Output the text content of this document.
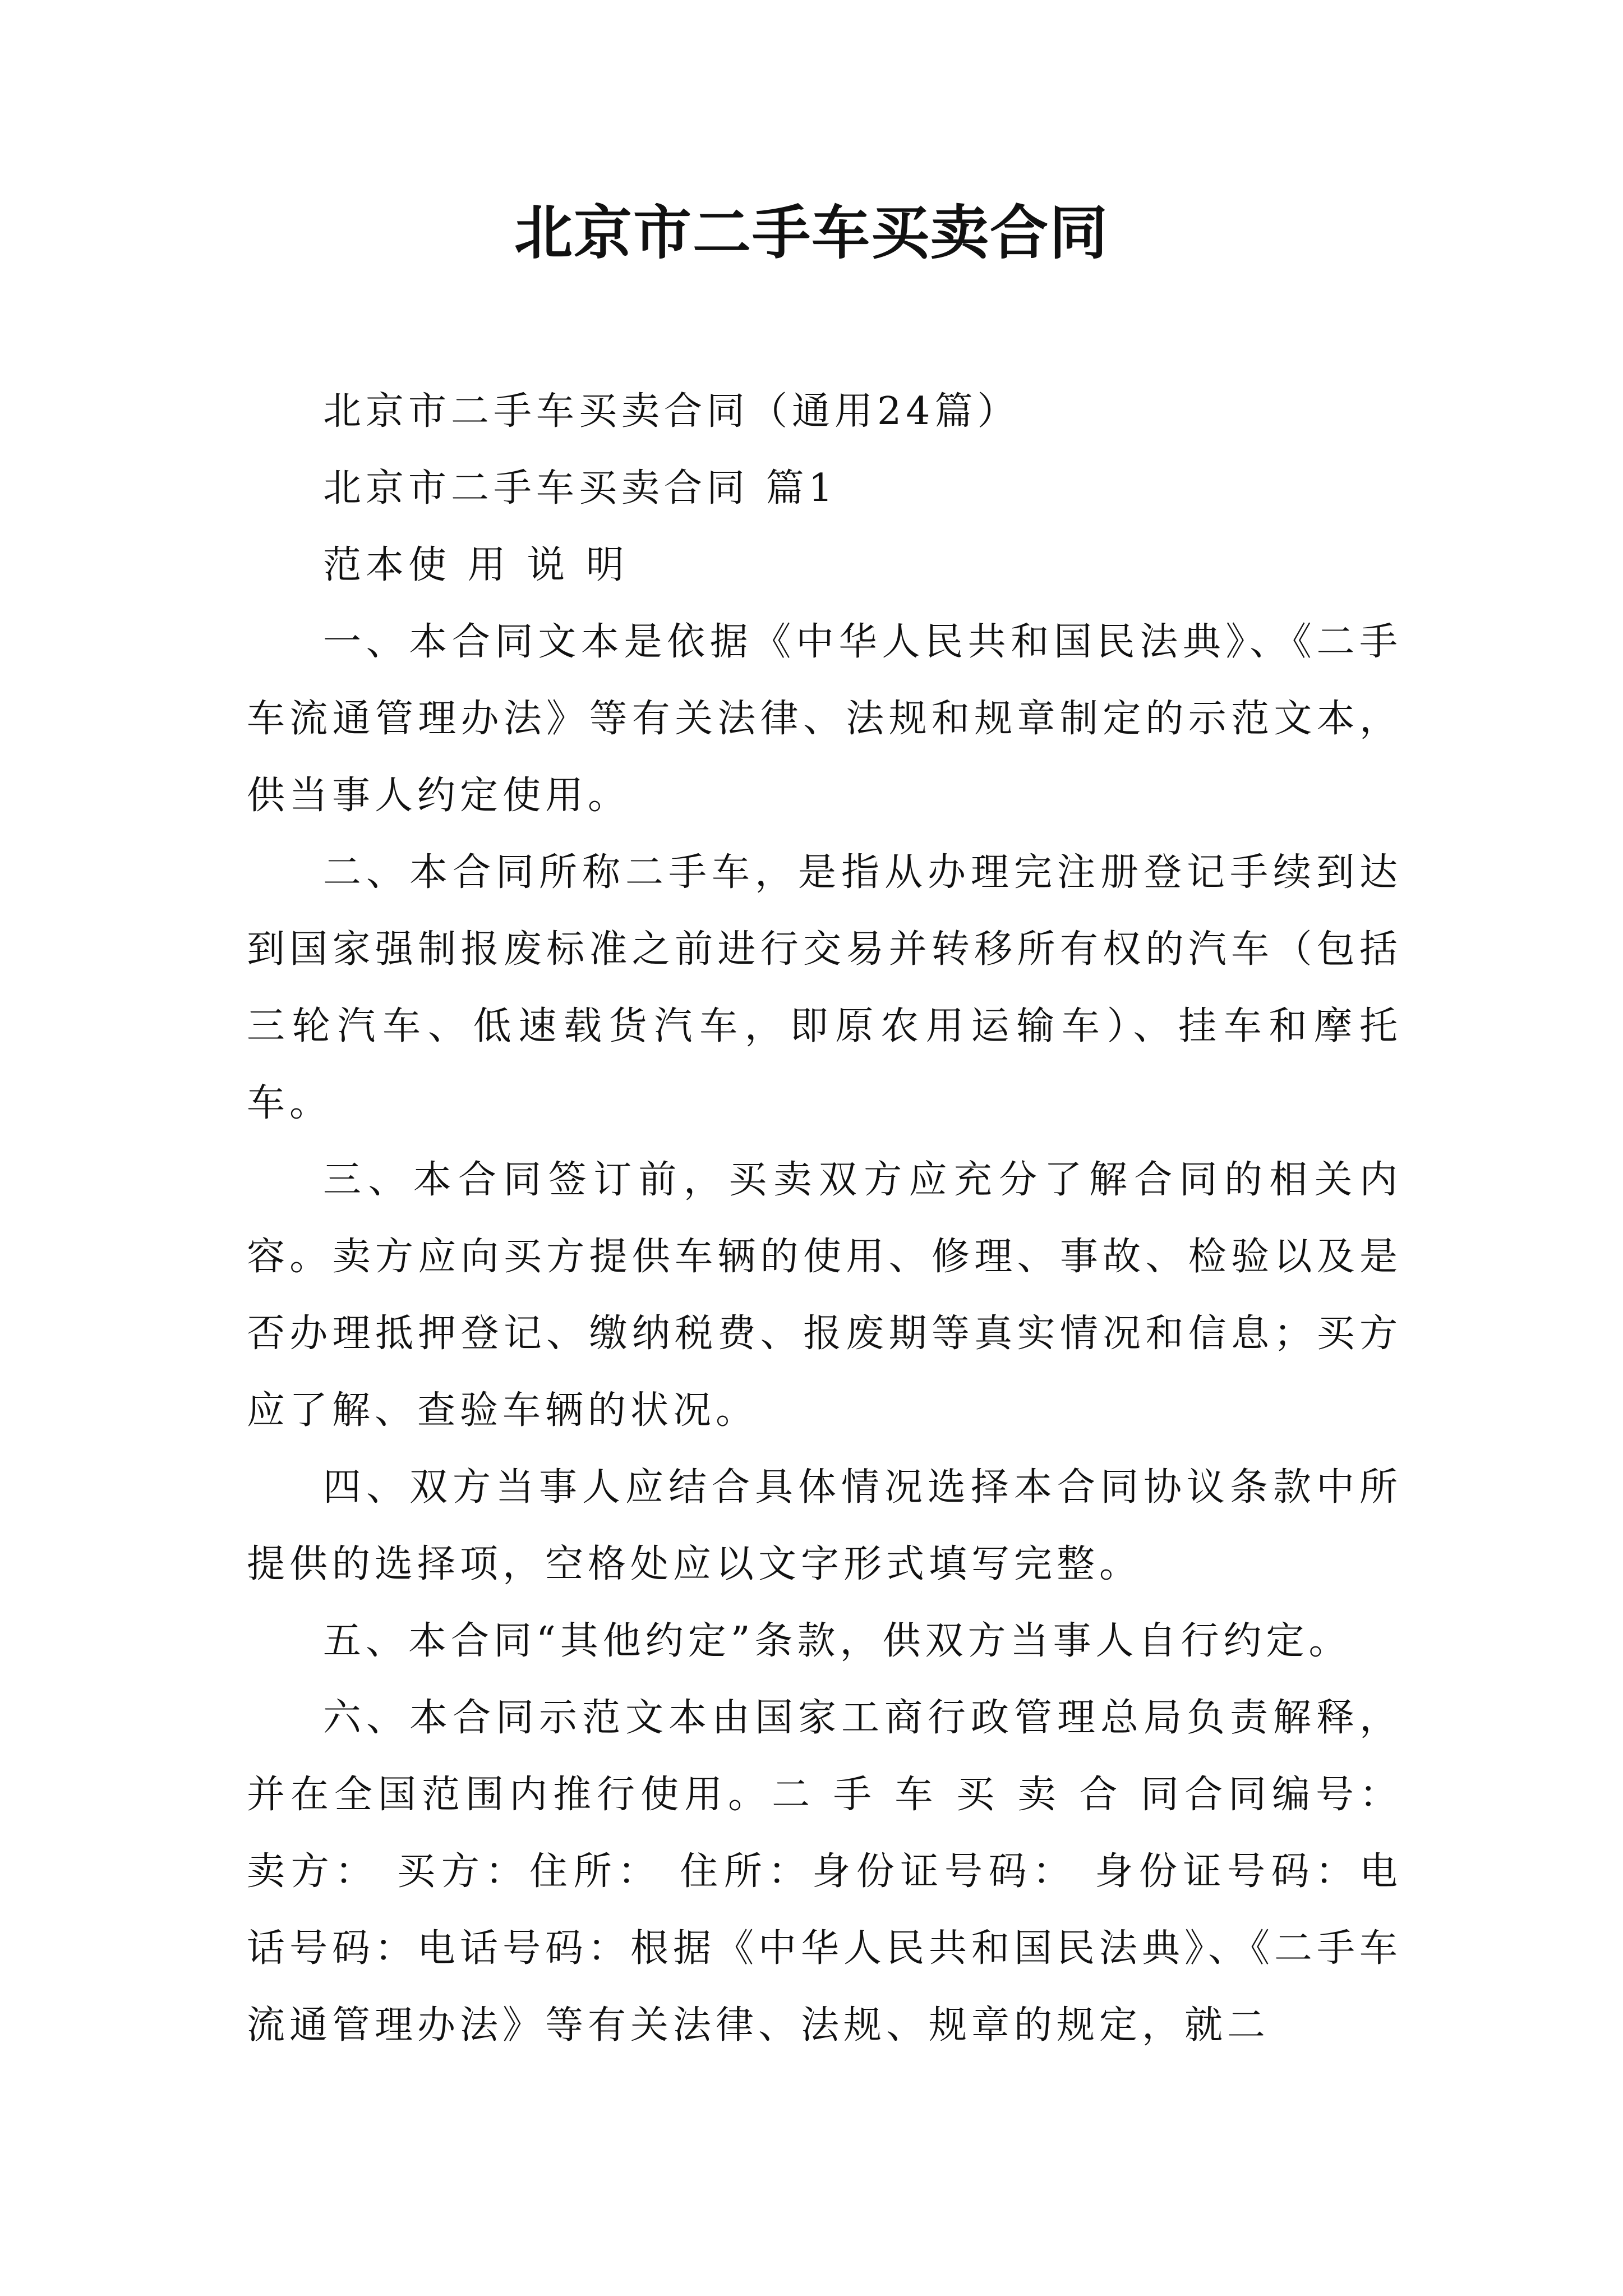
北京市二手车买卖合同

北京市二手车买卖合同（通用24篇）

北京市二手车买卖合同 篇1

范本使 用 说 明

一、本合同文本是依据《中华人民共和国民法典》、《二手车流通管理办法》等有关法律、法规和规章制定的示范文本，供当事人约定使用。

二、本合同所称二手车，是指从办理完注册登记手续到达到国家强制报废标准之前进行交易并转移所有权的汽车（包括三轮汽车、低速载货汽车，即原农用运输车）、挂车和摩托车。

三、本合同签订前，买卖双方应充分了解合同的相关内容。卖方应向买方提供车辆的使用、修理、事故、检验以及是否办理抵押登记、缴纳税费、报废期等真实情况和信息；买方应了解、查验车辆的状况。

四、双方当事人应结合具体情况选择本合同协议条款中所提供的选择项，空格处应以文字形式填写完整。

五、本合同“其他约定”条款，供双方当事人自行约定。

六、本合同示范文本由国家工商行政管理总局负责解释，并在全国范围内推行使用。二 手 车 买 卖 合 同合同编号：卖方： 买方：住所： 住所：身份证号码： 身份证号码：电话号码：电话号码：根据《中华人民共和国民法典》、《二手车流通管理办法》等有关法律、法规、规章的规定，就二
